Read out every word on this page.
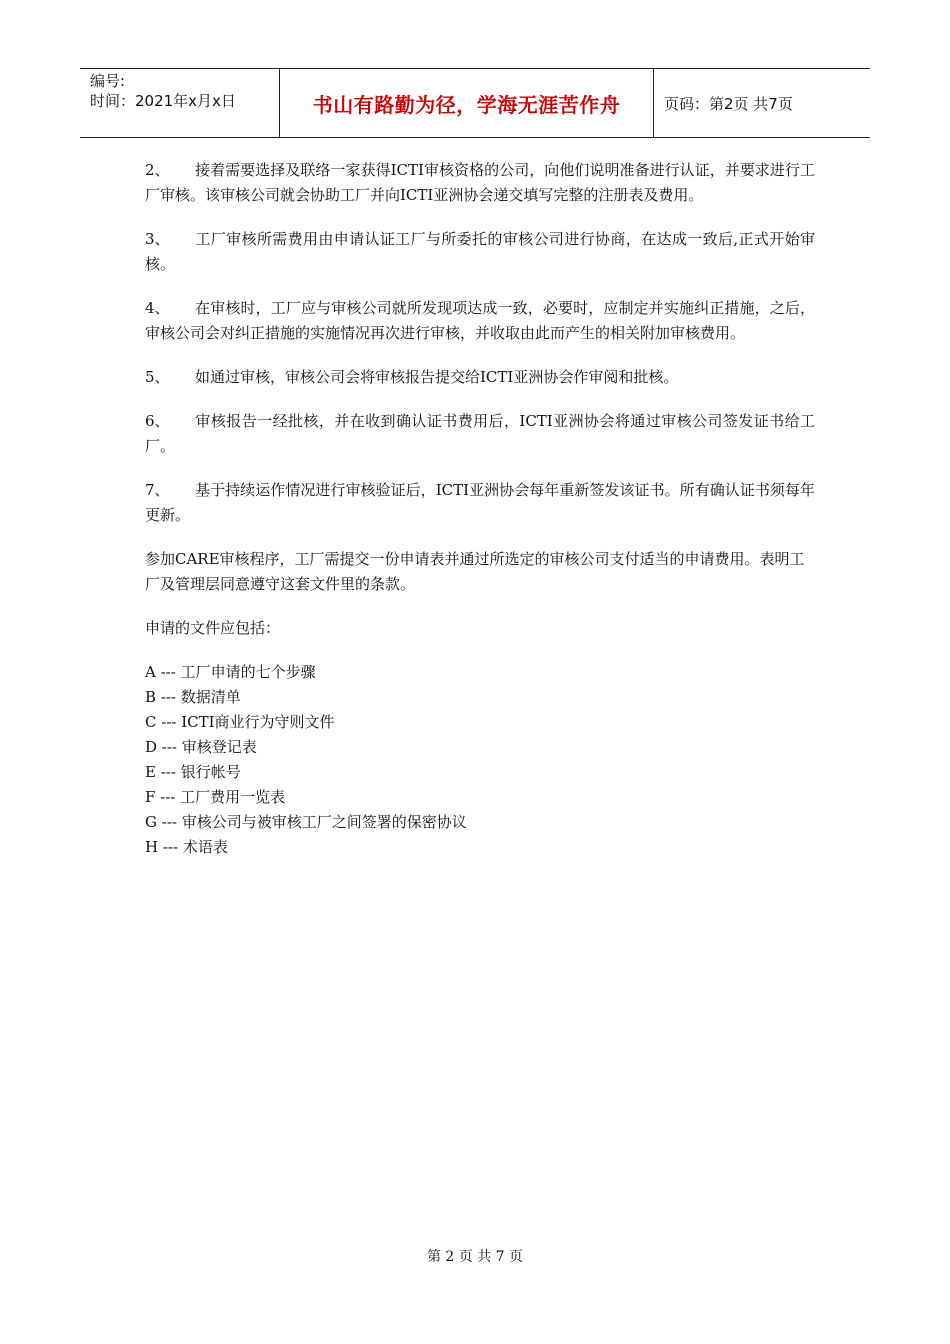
编号:
时间：2021年x月x日	书山有路勤为径，学海无涯苦作舟	页码：第2页 共7页
2、 接着需要选择及联络一家获得ICTI审核资格的公司，向他们说明准备进行认证，并要求进行工厂审核。该审核公司就会协助工厂并向ICTI亚洲协会递交填写完整的注册表及费用。
3、 工厂审核所需费用由申请认证工厂与所委托的审核公司进行协商，在达成一致后,正式开始审核。
4、 在审核时，工厂应与审核公司就所发现项达成一致，必要时，应制定并实施纠正措施，之后，审核公司会对纠正措施的实施情况再次进行审核，并收取由此而产生的相关附加审核费用。
5、 如通过审核，审核公司会将审核报告提交给ICTI亚洲协会作审阅和批核。
6、 审核报告一经批核，并在收到确认证书费用后，ICTI亚洲协会将通过审核公司签发证书给工厂。
7、 基于持续运作情况进行审核验证后，ICTI亚洲协会每年重新签发该证书。所有确认证书须每年更新。

参加CARE审核程序，工厂需提交一份申请表并通过所选定的审核公司支付适当的申请费用。表明工厂及管理层同意遵守这套文件里的条款。

申请的文件应包括：

A --- 工厂申请的七个步骤
B --- 数据清单
C --- ICTI商业行为守则文件
D --- 审核登记表
E --- 银行帐号
F --- 工厂费用一览表
G --- 审核公司与被审核工厂之间签署的保密协议
H --- 术语表
第 2 页 共 7 页
